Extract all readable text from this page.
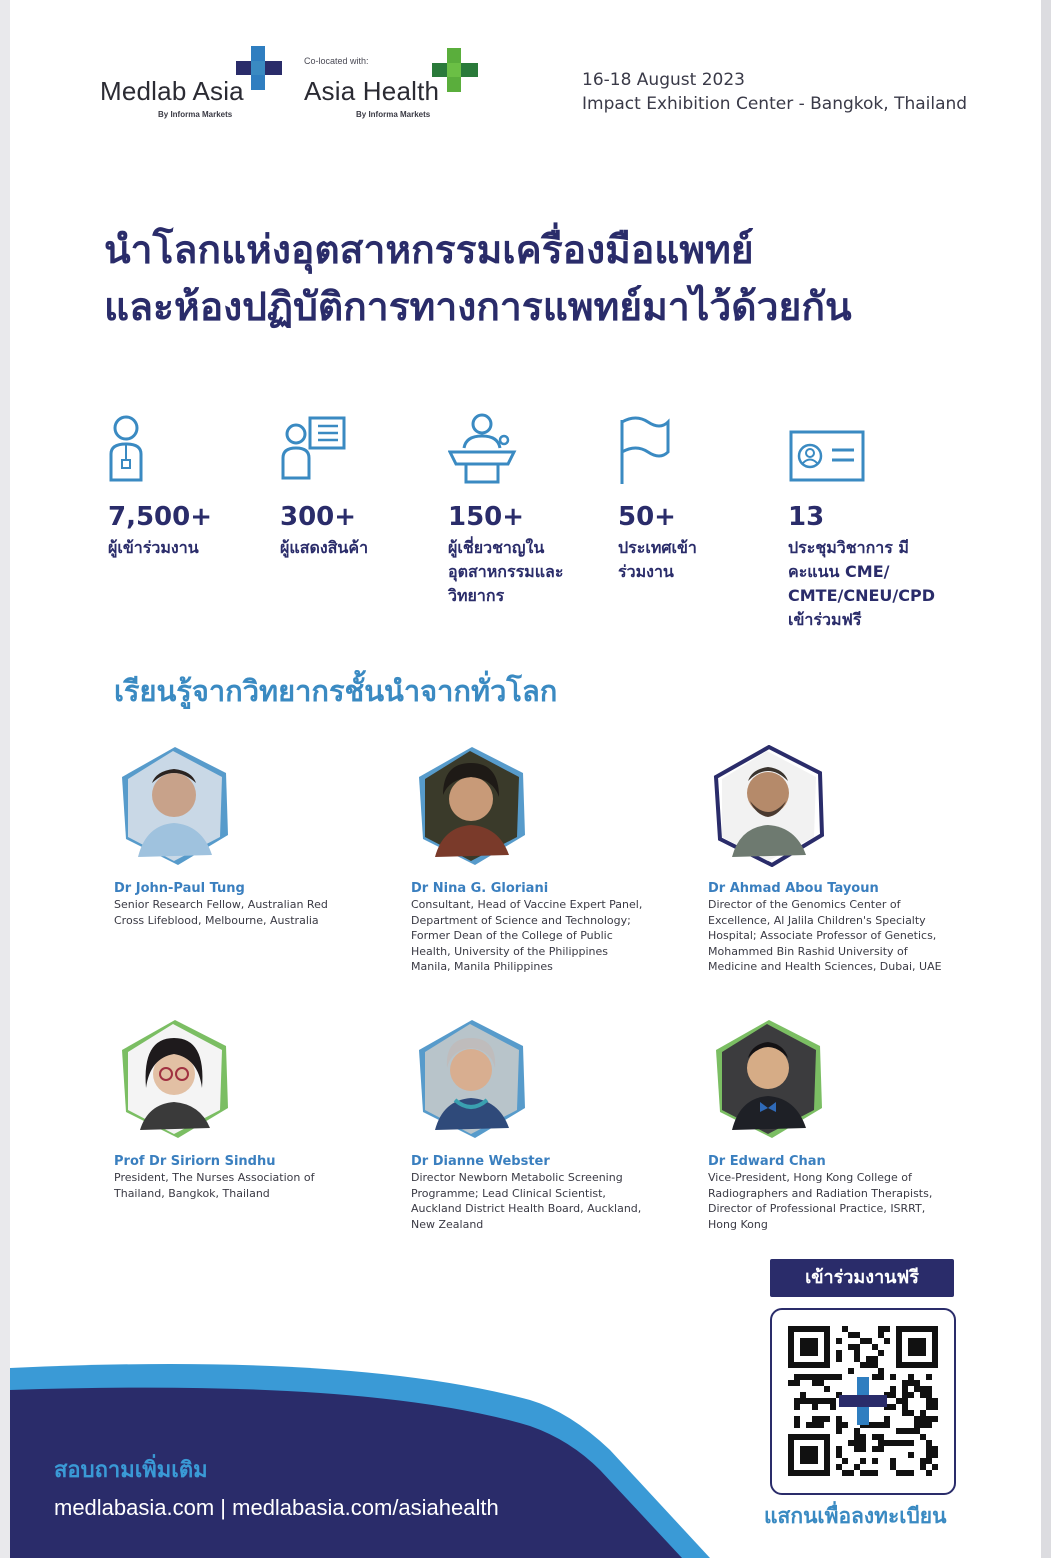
Medlab Asia
By Informa Markets
Co-located with:
Asia Health
By Informa Markets
16-18 August 2023
Impact Exhibition Center - Bangkok, Thailand
นำโลกแห่งอุตสาหกรรมเครื่องมือแพทย์
และห้องปฏิบัติการทางการแพทย์มาไว้ด้วยกัน
7,500+
ผู้เข้าร่วมงาน
300+
ผู้แสดงสินค้า
150+
ผู้เชี่ยวชาญใน อุตสาหกรรมและ วิทยากร
50+
ประเทศเข้า ร่วมงาน
13
ประชุมวิชาการ มีคะแนน CME/ CMTE/CNEU/CPD เข้าร่วมฟรี
เรียนรู้จากวิทยากรชั้นนำจากทั่วโลก
Dr John-Paul Tung
Senior Research Fellow, Australian Red Cross Lifeblood, Melbourne, Australia
Dr Nina G. Gloriani
Consultant, Head of Vaccine Expert Panel, Department of Science and Technology; Former Dean of the College of Public Health, University of the Philippines Manila, Manila Philippines
Dr Ahmad Abou Tayoun
Director of the Genomics Center of Excellence, Al Jalila Children's Specialty Hospital; Associate Professor of Genetics, Mohammed Bin Rashid University of Medicine and Health Sciences, Dubai, UAE
Prof Dr Siriorn Sindhu
President, The Nurses Association of Thailand, Bangkok, Thailand
Dr Dianne Webster
Director Newborn Metabolic Screening Programme; Lead Clinical Scientist, Auckland District Health Board, Auckland, New Zealand
Dr Edward Chan
Vice-President, Hong Kong College of Radiographers and Radiation Therapists, Director of Professional Practice, ISRRT, Hong Kong
สอบถามเพิ่มเติม
medlabasia.com | medlabasia.com/asiahealth
เข้าร่วมงานฟรี
แสกนเพื่อลงทะเบียน
